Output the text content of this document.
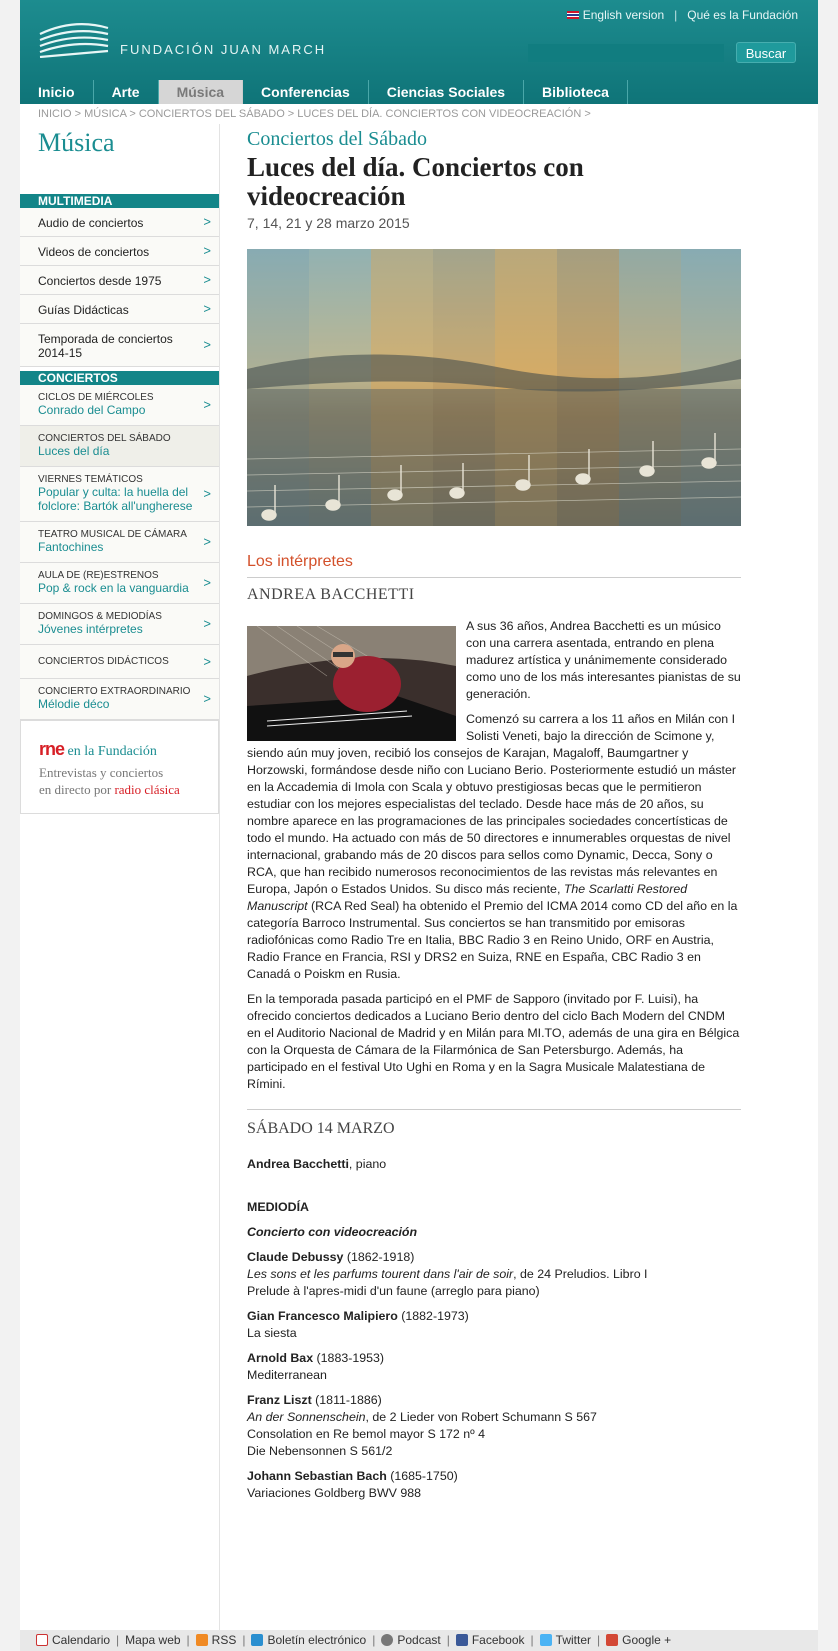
FUNDACIÓN JUAN MARCH
English version | Qué es la Fundación
Buscar
Inicio	Arte	Música	Conferencias	Ciencias Sociales	Biblioteca
INICIO > MÚSICA > CONCIERTOS DEL SÁBADO > LUCES DEL DÍA. CONCIERTOS CON VIDEOCREACIÓN >
Música
MULTIMEDIA
Audio de conciertos	>
Videos de conciertos	>
Conciertos desde 1975	>
Guías Didácticas	>
Temporada de conciertos 2014-15
>
CONCIERTOS
CICLOS DE MIÉRCOLES
Conrado del Campo	>
CONCIERTOS DEL SÁBADO
Luces del día
VIERNES TEMÁTICOS
Popular y culta: la huella del folclore: Bartók all'ungherese
>
TEATRO MUSICAL DE CÁMARA
Fantochines	>
AULA DE (RE)ESTRENOS
Pop & rock en la vanguardia	>
DOMINGOS & MEDIODÍAS
Jóvenes intérpretes	>
CONCIERTOS DIDÁCTICOS	>
CONCIERTO EXTRAORDINARIO
Mélodie déco	>
rne en la Fundación
Entrevistas y conciertos
en directo por radio clásica
Conciertos del Sábado
Luces del día. Conciertos con videocreación
7, 14, 21 y 28 marzo 2015
Los intérpretes
ANDREA BACCHETTI

A sus 36 años, Andrea Bacchetti es un músico con una carrera asentada, entrando en plena madurez artística y unánimemente considerado como uno de los más interesantes pianistas de su generación.

Comenzó su carrera a los 11 años en Milán con I Solisti Veneti, bajo la dirección de Scimone y, siendo aún muy joven, recibió los consejos de Karajan, Magaloff, Baumgartner y Horzowski, formándose desde niño con Luciano Berio. Posteriormente estudió un máster en la Accademia di Imola con Scala y obtuvo prestigiosas becas que le permitieron estudiar con los mejores especialistas del teclado. Desde hace más de 20 años, su nombre aparece en las programaciones de las principales sociedades concertísticas de todo el mundo. Ha actuado con más de 50 directores e innumerables orquestas de nivel internacional, grabando más de 20 discos para sellos como Dynamic, Decca, Sony o RCA, que han recibido numerosos reconocimientos de las revistas más relevantes en Europa, Japón o Estados Unidos. Su disco más reciente, The Scarlatti Restored Manuscript (RCA Red Seal) ha obtenido el Premio del ICMA 2014 como CD del año en la categoría Barroco Instrumental. Sus conciertos se han transmitido por emisoras radiofónicas como Radio Tre en Italia, BBC Radio 3 en Reino Unido, ORF en Austria, Radio France en Francia, RSI y DRS2 en Suiza, RNE en España, CBC Radio 3 en Canadá o Poiskm en Rusia.

En la temporada pasada participó en el PMF de Sapporo (invitado por F. Luisi), ha ofrecido conciertos dedicados a Luciano Berio dentro del ciclo Bach Modern del CNDM en el Auditorio Nacional de Madrid y en Milán para MI.TO, además de una gira en Bélgica con la Orquesta de Cámara de la Filarmónica de San Petersburgo. Además, ha participado en el festival Uto Ughi en Roma y en la Sagra Musicale Malatestiana de Rímini.

SÁBADO 14 MARZO

Andrea Bacchetti, piano

MEDIODÍA

Concierto con videocreación

Claude Debussy (1862-1918)
Les sons et les parfums tourent dans l'air de soir, de 24 Preludios. Libro I
Prelude à l'apres-midi d'un faune (arreglo para piano)

Gian Francesco Malipiero (1882-1973)
La siesta

Arnold Bax (1883-1953)
Mediterranean

Franz Liszt (1811-1886)
An der Sonnenschein, de 2 Lieder von Robert Schumann S 567
Consolation en Re bemol mayor S 172 nº 4
Die Nebensonnen S 561/2

Johann Sebastian Bach (1685-1750)
Variaciones Goldberg BWV 988

Calendario | Mapa web | RSS | Boletín electrónico | Podcast | Facebook | Twitter | Google +
